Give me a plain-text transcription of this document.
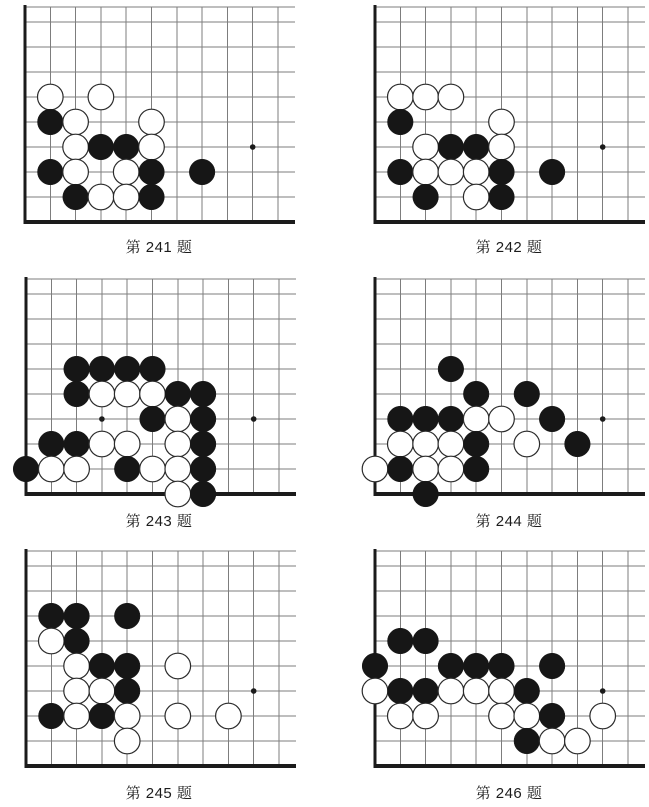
第 241 题	第 242 题
第 243 题	第 244 题
第 245 题	第 246 题
